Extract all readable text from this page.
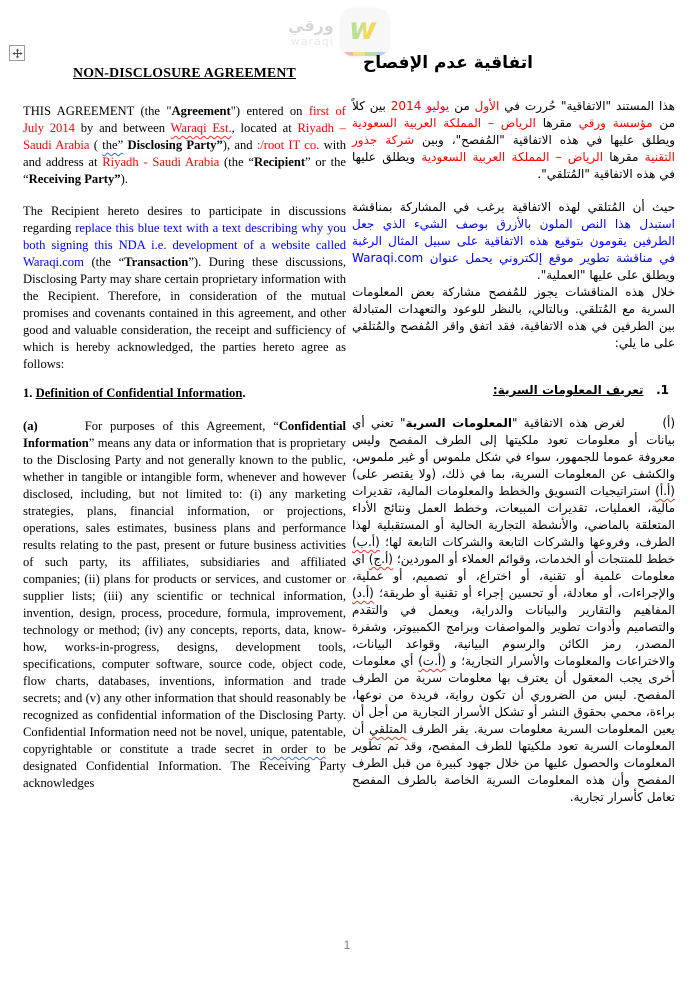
ورقي
waraqi w

NON-DISCLOSURE AGREEMENT

THIS AGREEMENT (the "Agreement") entered on first of July 2014 by and between Waraqi Est., located at Riyadh – Saudi Arabia ( the” Disclosing Party”), and :/root IT co. with and address at Riyadh - Saudi Arabia (the “Recipient” or the “Receiving Party”).

The Recipient hereto desires to participate in discussions regarding replace this blue text with a text describing why you both signing this NDA i.e. development of a website called Waraqi.com (the “Transaction”). During these discussions, Disclosing Party may share certain proprietary information with the Recipient. Therefore, in consideration of the mutual promises and covenants contained in this agreement, and other good and valuable consideration, the receipt and sufficiency of which is hereby acknowledged, the parties hereto agree as follows:

1. Definition of Confidential Information.

(a)      For purposes of this Agreement, “Confidential Information” means any data or information that is proprietary to the Disclosing Party and not generally known to the public, whether in tangible or intangible form, whenever and however disclosed, including, but not limited to: (i) any marketing strategies, plans, financial information, or projections, operations, sales estimates, business plans and performance results relating to the past, present or future business activities of such party, its affiliates, subsidiaries and affiliated companies; (ii) plans for products or services, and customer or supplier lists; (iii) any scientific or technical information, invention, design, process, procedure, formula, improvement, technology or method; (iv) any concepts, reports, data, know-how, works-in-progress, designs, development tools, specifications, computer software, source code, object code, flow charts, databases, inventions, information and trade secrets; and (v) any other information that should reasonably be recognized as confidential information of the Disclosing Party. Confidential Information need not be novel, unique, patentable, copyrightable or constitute a trade secret in order to be designated Confidential Information. The Receiving Party acknowledges

اتفاقية عدم الإفصاح

هذا المستند "الاتفاقية" حُررت في الأول من يوليو 2014 بين كلاً من مؤسسة ورقي مقرها الرياض – المملكة العربية السعودية ويطلق عليها في هذه الاتفاقية "المُفصح"، وبين شركة جذور التقنية مقرها الرياض – المملكة العربية السعودية ويطلق عليها في هذه الاتفاقية "المُتلقي".

حيث أن المُتلقي لهذه الاتفاقية يرغب في المشاركة بمناقشة استبدل هذا النص الملون بالأزرق بوصف الشيء الذي جعل الطرفين يقومون بتوقيع هذه الاتفاقية على سبيل المثال الرغبة في مناقشة تطوير موقع إلكتروني يحمل عنوان Waraqi.com ويطلق على عليها "العملية".

خلال هذه المناقشات يجوز للمُفصح مشاركة بعض المعلومات السرية مع المُتلقي. وبالتالي، بالنظر للوعود والتعهدات المتبادلة بين الطرفين في هذه الاتفاقية، فقد اتفق واقر المُفصح والمُتلقي على ما يلي:

1.   تعريف المعلومات السرية:

(أ)      لغرض هذه الاتفاقية "المعلومات السرية" تعني أي بيانات أو معلومات تعود ملكيتها إلى الطرف المفصح وليس معروفة عموما للجمهور، سواء في شكل ملموس أو غير ملموس، والكشف عن المعلومات السرية، بما في ذلك، (ولا يقتصر على) (أ.أ) استراتيجيات التسويق والخطط والمعلومات المالية، تقديرات مالية، العمليات، تقديرات المبيعات، وخطط العمل ونتائج الأداء المتعلقة بالماضي، والأنشطة التجارية الحالية أو المستقبلية لهذا الطرف، وفروعها والشركات التابعة والشركات التابعة لها؛ (أ.ب) خطط للمنتجات أو الخدمات، وقوائم العملاء أو الموردين؛ (أ.ج) اي معلومات علمية أو تقنية، أو اختراع، أو تصميم، أو عملية، والإجراءات، أو معادلة، أو تحسين إجراء أو تقنية أو طريقة؛ (أ.د) المفاهيم والتقارير والبيانات والدراية، ويعمل في والتقدم والتصاميم وأدوات تطوير والمواصفات وبرامج الكمبيوتر، وشفرة المصدر، رمز الكائن والرسوم البيانية، وقواعد البيانات، والاختراعات والمعلومات والأسرار التجارية؛ و (أ.ت) أي معلومات أخرى يجب المعقول أن يعترف بها معلومات سرية من الطرف المفصح. ليس من الضروري أن تكون رواية، فريدة من نوعها، براءة، محمي بحقوق النشر أو تشكل الأسرار التجارية من أجل أن يعين المعلومات السرية معلومات سرية. يقر الطرف المتلقي أن المعلومات السرية تعود ملكيتها للطرف المفصح، وقد تم تطوير المعلومات والحصول عليها من خلال جهود كبيرة من قبل الطرف المفصح وأن هذه المعلومات السرية الخاصة بالطرف المفصح تعامل كأسرار تجارية.

1
